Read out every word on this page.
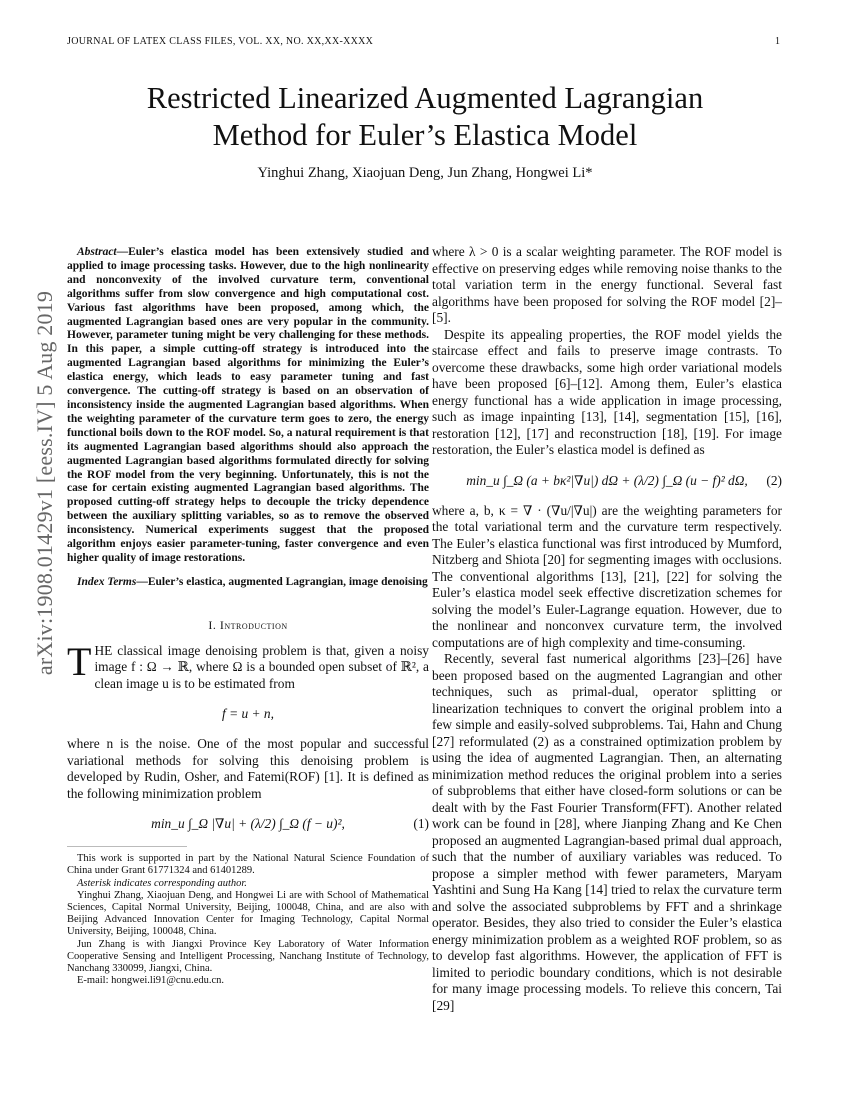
JOURNAL OF LATEX CLASS FILES, VOL. XX, NO. XX,XX-XXXX	1
Restricted Linearized Augmented Lagrangian
Method for Euler’s Elastica Model
Yinghui Zhang, Xiaojuan Deng, Jun Zhang, Hongwei Li*
arXiv:1908.01429v1 [eess.IV] 5 Aug 2019

Abstract—Euler’s elastica model has been extensively studied and applied to image processing tasks. However, due to the high nonlinearity and nonconvexity of the involved curvature term, conventional algorithms suffer from slow convergence and high computational cost. Various fast algorithms have been proposed, among which, the augmented Lagrangian based ones are very popular in the community. However, parameter tuning might be very challenging for these methods. In this paper, a simple cutting-off strategy is introduced into the augmented Lagrangian based algorithms for minimizing the Euler’s elastica energy, which leads to easy parameter tuning and fast convergence. The cutting-off strategy is based on an observation of inconsistency inside the augmented Lagrangian based algorithms. When the weighting parameter of the curvature term goes to zero, the energy functional boils down to the ROF model. So, a natural requirement is that its augmented Lagrangian based algorithms should also approach the augmented Lagrangian based algorithms formulated directly for solving the ROF model from the very beginning. Unfortunately, this is not the case for certain existing augmented Lagrangian based algorithms. The proposed cutting-off strategy helps to decouple the tricky dependence between the auxiliary splitting variables, so as to remove the observed inconsistency. Numerical experiments suggest that the proposed algorithm enjoys easier parameter-tuning, faster convergence and even higher quality of image restorations.

Index Terms—Euler’s elastica, augmented Lagrangian, image denoising

I. Introduction

THE classical image denoising problem is that, given a noisy image f : Ω → ℝ, where Ω is a bounded open subset of ℝ², a clean image u is to be estimated from

f = u + n,

where n is the noise. One of the most popular and successful variational methods for solving this denoising problem is developed by Rudin, Osher, and Fatemi(ROF) [1]. It is defined as the following minimization problem

min_u ∫_Ω |∇u| + (λ/2) ∫_Ω (f − u)²,	(1)

This work is supported in part by the National Natural Science Foundation of China under Grant 61771324 and 61401289.

Asterisk indicates corresponding author.

Yinghui Zhang, Xiaojuan Deng, and Hongwei Li are with School of Mathematical Sciences, Capital Normal University, Beijing, 100048, China, and are also with Beijing Advanced Innovation Center for Imaging Technology, Capital Normal University, Beijing, 100048, China.

Jun Zhang is with Jiangxi Province Key Laboratory of Water Information Cooperative Sensing and Intelligent Processing, Nanchang Institute of Technology, Nanchang 330099, Jiangxi, China.

E-mail: hongwei.li91@cnu.edu.cn.

where λ > 0 is a scalar weighting parameter. The ROF model is effective on preserving edges while removing noise thanks to the total variation term in the energy functional. Several fast algorithms have been proposed for solving the ROF model [2]–[5].

Despite its appealing properties, the ROF model yields the staircase effect and fails to preserve image contrasts. To overcome these drawbacks, some high order variational models have been proposed [6]–[12]. Among them, Euler’s elastica energy functional has a wide application in image processing, such as image inpainting [13], [14], segmentation [15], [16], restoration [12], [17] and reconstruction [18], [19]. For image restoration, the Euler’s elastica model is defined as

min_u ∫_Ω (a + bκ²|∇u|) dΩ + (λ/2) ∫_Ω (u − f)² dΩ, (2)

where a, b, κ = ∇ · (∇u/|∇u|) are the weighting parameters for the total variational term and the curvature term respectively. The Euler’s elastica functional was first introduced by Mumford, Nitzberg and Shiota [20] for segmenting images with occlusions. The conventional algorithms [13], [21], [22] for solving the Euler’s elastica model seek effective discretization schemes for solving the model’s Euler-Lagrange equation. However, due to the nonlinear and nonconvex curvature term, the involved computations are of high complexity and time-consuming.

Recently, several fast numerical algorithms [23]–[26] have been proposed based on the augmented Lagrangian and other techniques, such as primal-dual, operator splitting or linearization techniques to convert the original problem into a few simple and easily-solved subproblems. Tai, Hahn and Chung [27] reformulated (2) as a constrained optimization problem by using the idea of augmented Lagrangian. Then, an alternating minimization method reduces the original problem into a series of subproblems that either have closed-form solutions or can be dealt with by the Fast Fourier Transform(FFT). Another related work can be found in [28], where Jianping Zhang and Ke Chen proposed an augmented Lagrangian-based primal dual approach, such that the number of auxiliary variables was reduced. To propose a simpler method with fewer parameters, Maryam Yashtini and Sung Ha Kang [14] tried to relax the curvature term and solve the associated subproblems by FFT and a shrinkage operator. Besides, they also tried to consider the Euler’s elastica energy minimization problem as a weighted ROF problem, so as to develop fast algorithms. However, the application of FFT is limited to periodic boundary conditions, which is not desirable for many image processing models. To relieve this concern, Tai [29]
